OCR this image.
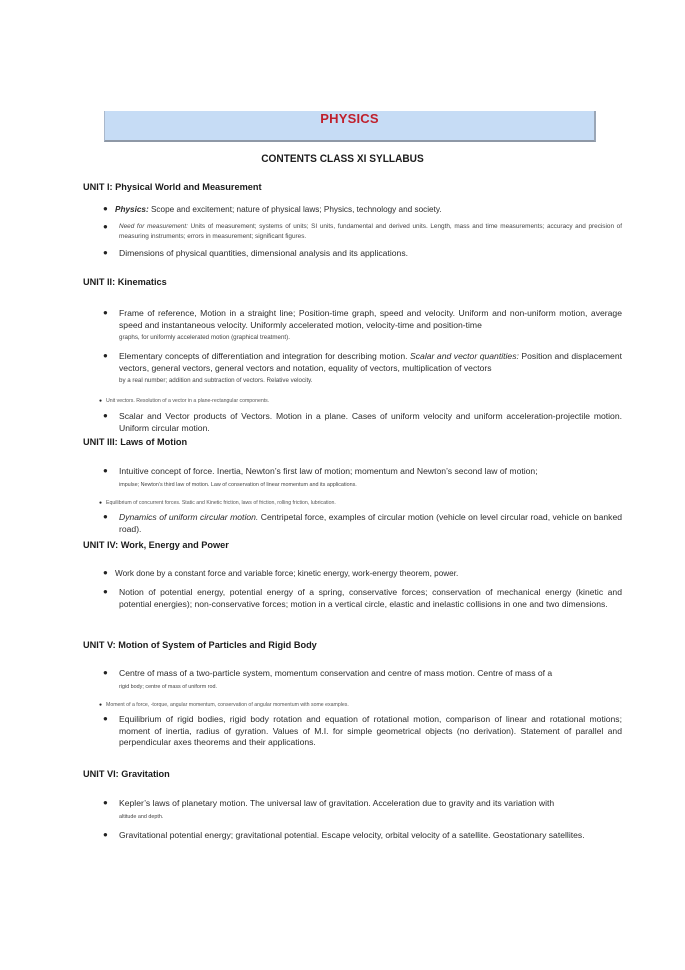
PHYSICS
CONTENTS CLASS XI SYLLABUS
UNIT I: Physical World and Measurement
● Physics: Scope and excitement; nature of physical laws; Physics, technology and society.
● Need for measurement: Units of measurement; systems of units; SI units, fundamental and derived units. Length, mass and time measurements; accuracy and precision of measuring instruments; errors in measurement; significant figures.
● Dimensions of physical quantities, dimensional analysis and its applications.
UNIT II: Kinematics
● Frame of reference, Motion in a straight line; Position-time graph, speed and velocity. Uniform and non-uniform motion, average speed and instantaneous velocity. Uniformly accelerated motion, velocity-time and position-time
graphs, for uniformly accelerated motion (graphical treatment).
● Elementary concepts of differentiation and integration for describing motion. Scalar and vector quantities: Position and displacement vectors, general vectors, general vectors and notation, equality of vectors, multiplication of vectors
by a real number; addition and subtraction of vectors. Relative velocity.
● Unit vectors. Resolution of a vector in a plane-rectangular components.
● Scalar and Vector products of Vectors. Motion in a plane. Cases of uniform velocity and uniform acceleration-projectile motion. Uniform circular motion.
UNIT III: Laws of Motion
● Intuitive concept of force. Inertia, Newton’s first law of motion; momentum and Newton’s second law of motion;
impulse; Newton’s third law of motion. Law of conservation of linear momentum and its applications.
● Equilibrium of concurrent forces. Static and Kinetic friction, laws of friction, rolling friction, lubrication.
● Dynamics of uniform circular motion. Centripetal force, examples of circular motion (vehicle on level circular road, vehicle on banked road).
UNIT IV: Work, Energy and Power
● Work done by a constant force and variable force; kinetic energy, work-energy theorem, power.
● Notion of potential energy, potential energy of a spring, conservative forces; conservation of mechanical energy (kinetic and potential energies); non-conservative forces; motion in a vertical circle, elastic and inelastic collisions in one and two dimensions.
UNIT V: Motion of System of Particles and Rigid Body
● Centre of mass of a two-particle system, momentum conservation and centre of mass motion. Centre of mass of a
rigid body; centre of mass of uniform rod.
● Moment of a force, -torque, angular momentum, conservation of angular momentum with some examples.
● Equilibrium of rigid bodies, rigid body rotation and equation of rotational motion, comparison of linear and rotational motions; moment of inertia, radius of gyration. Values of M.I. for simple geometrical objects (no derivation). Statement of parallel and perpendicular axes theorems and their applications.
UNIT VI: Gravitation
● Kepler’s laws of planetary motion. The universal law of gravitation. Acceleration due to gravity and its variation with
altitude and depth.
● Gravitational potential energy; gravitational potential. Escape velocity, orbital velocity of a satellite. Geostationary satellites.
